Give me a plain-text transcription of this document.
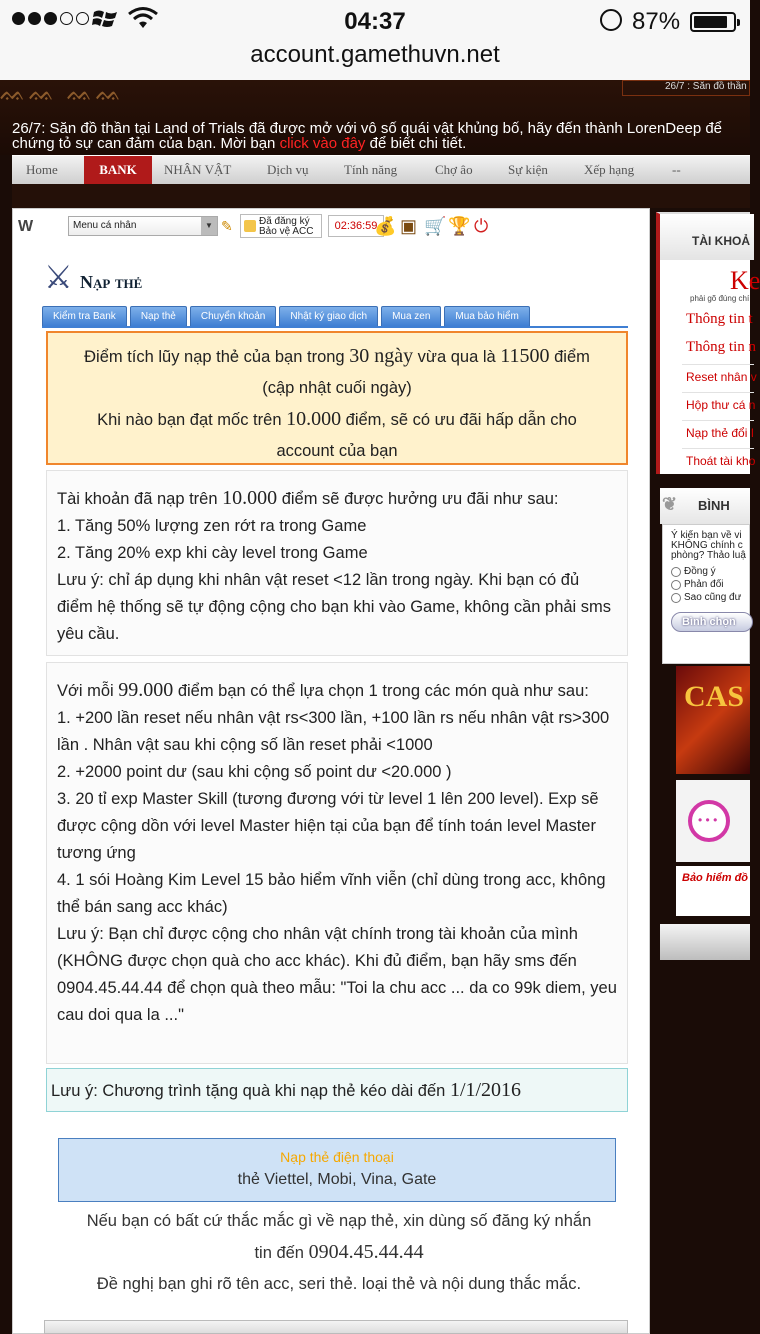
04:37	87%
account.gamethuvn.net
ᨐᨐ ᨐᨐ	26/7 : Săn đồ thần
26/7: Săn đồ thần tại Land of Trials đã được mở với vô số quái vật khủng bố, hãy đến thành LorenDeep để chứng tỏ sự can đảm của bạn. Mời bạn click vào đây để biết chi tiết.
Home	BANK	NHÂN VẬT	Dịch vụ	Tính năng	Chợ âo	Sự kiện	Xếp hạng	--
W	Menu cá nhân	▼ ✎	Đã đăng ký
Bảo vệ ACC	02:36:59
💰 ▣ 🛒 🏆 ⏻
⚔ Nạp thẻ
Kiểm tra Bank	Nạp thẻ	Chuyển khoản	Nhật ký giao dịch	Mua zen	Mua bảo hiểm
Điểm tích lũy nạp thẻ của bạn trong 30 ngày vừa qua là 11500 điểm
(cập nhật cuối ngày)
Khi nào bạn đạt mốc trên 10.000 điểm, sẽ có ưu đãi hấp dẫn cho
account của bạn
Tài khoản đã nạp trên 10.000 điểm sẽ được hưởng ưu đãi như sau:
1. Tăng 50% lượng zen rớt ra trong Game
2. Tăng 20% exp khi cày level trong Game
Lưu ý: chỉ áp dụng khi nhân vật reset <12 lần trong ngày. Khi bạn có đủ điểm hệ thống sẽ tự động cộng cho bạn khi vào Game, không cần phải sms yêu cầu.
Với mỗi 99.000 điểm bạn có thể lựa chọn 1 trong các món quà như sau:
1. +200 lần reset nếu nhân vật rs<300 lần, +100 lần rs nếu nhân vật rs>300 lần . Nhân vật sau khi cộng số lần reset phải <1000
2. +2000 point dư (sau khi cộng số point dư <20.000 )
3. 20 tỉ exp Master Skill (tương đương với từ level 1 lên 200 level). Exp sẽ được cộng dồn với level Master hiện tại của bạn để tính toán level Master tương ứng
4. 1 sói Hoàng Kim Level 15 bảo hiểm vĩnh viễn (chỉ dùng trong acc, không thể bán sang acc khác)
Lưu ý: Bạn chỉ được cộng cho nhân vật chính trong tài khoản của mình (KHÔNG được chọn quà cho acc khác). Khi đủ điểm, bạn hãy sms đến 0904.45.44.44 để chọn quà theo mẫu: "Toi la chu acc ... da co 99k diem, yeu cau doi qua la ..."
Lưu ý: Chương trình tặng quà khi nạp thẻ kéo dài đến 1/1/2016
Nạp thẻ điện thoại
thẻ Viettel, Mobi, Vina, Gate
Nếu bạn có bất cứ thắc mắc gì về nạp thẻ, xin dùng số đăng ký nhắn
tin đến 0904.45.44.44
Đề nghị bạn ghi rõ tên acc, seri thẻ. loại thẻ và nội dung thắc mắc.
TÀI KHOẢ
Ke
phải gõ đúng chí
Thông tin t
Thông tin n
Reset nhân v
Hộp thư cá n
Nạp thẻ đổi I
Thoát tài kho
❦ BÌNH
Ý kiến bạn về vi
KHÔNG chính c
phòng? Thảo luậ
Đồng ý
Phản đối
Sao cũng đư
Bình chọn
CAS
• • •
Bảo hiểm đồ
